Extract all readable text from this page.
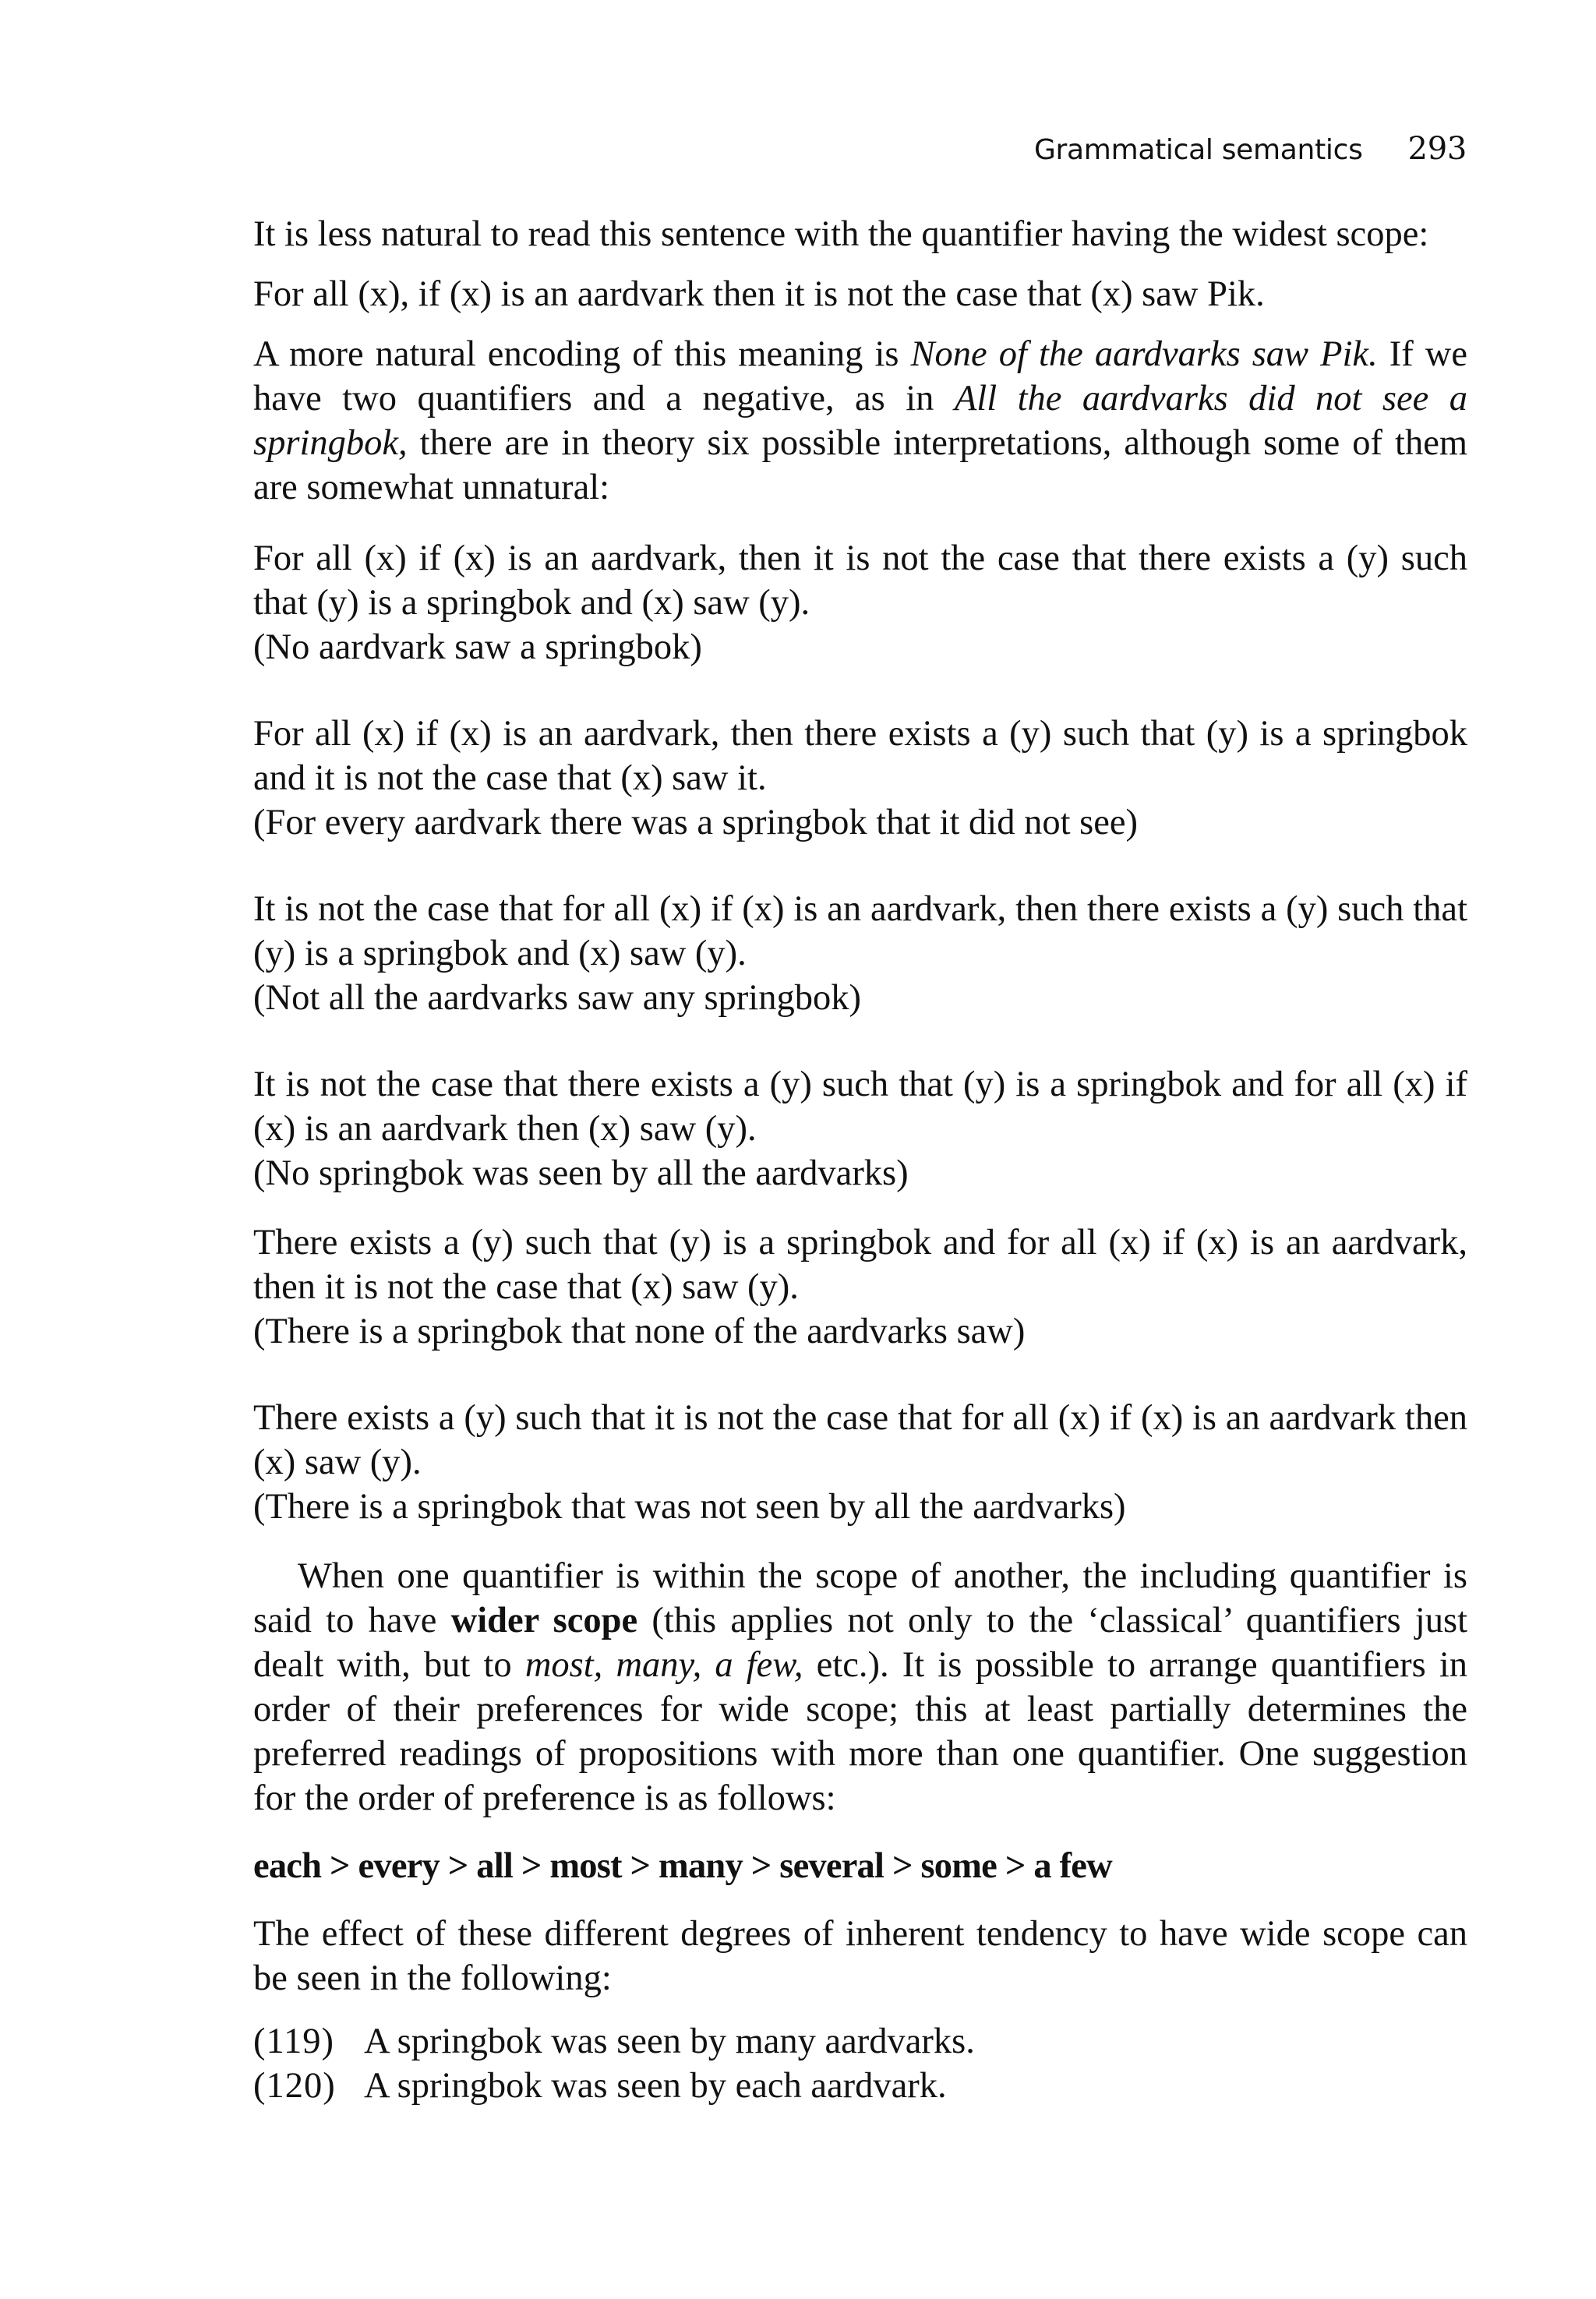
Grammatical semantics 293

It is less natural to read this sentence with the quantifier having the widest scope:

For all (x), if (x) is an aardvark then it is not the case that (x) saw Pik.

A more natural encoding of this meaning is None of the aardvarks saw Pik. If we have two quantifiers and a negative, as in All the aardvarks did not see a springbok, there are in theory six possible interpretations, although some of them are somewhat unnatural:

For all (x) if (x) is an aardvark, then it is not the case that there exists a (y) such that (y) is a springbok and (x) saw (y).
(No aardvark saw a springbok)
For all (x) if (x) is an aardvark, then there exists a (y) such that (y) is a springbok and it is not the case that (x) saw it.
(For every aardvark there was a springbok that it did not see)
It is not the case that for all (x) if (x) is an aardvark, then there exists a (y) such that (y) is a springbok and (x) saw (y).
(Not all the aardvarks saw any springbok)
It is not the case that there exists a (y) such that (y) is a springbok and for all (x) if (x) is an aardvark then (x) saw (y).
(No springbok was seen by all the aardvarks)
There exists a (y) such that (y) is a springbok and for all (x) if (x) is an aardvark, then it is not the case that (x) saw (y).
(There is a springbok that none of the aardvarks saw)
There exists a (y) such that it is not the case that for all (x) if (x) is an aardvark then (x) saw (y).
(There is a springbok that was not seen by all the aardvarks)

When one quantifier is within the scope of another, the including quantifier is said to have wider scope (this applies not only to the ‘classical’ quantifiers just dealt with, but to most, many, a few, etc.). It is possible to arrange quantifiers in order of their preferences for wide scope; this at least partially determines the preferred readings of propositions with more than one quantifier. One suggestion for the order of preference is as follows:

each > every > all > most > many > several > some > a few

The effect of these different degrees of inherent tendency to have wide scope can be seen in the following:

(119) A springbok was seen by many aardvarks.
(120) A springbok was seen by each aardvark.
